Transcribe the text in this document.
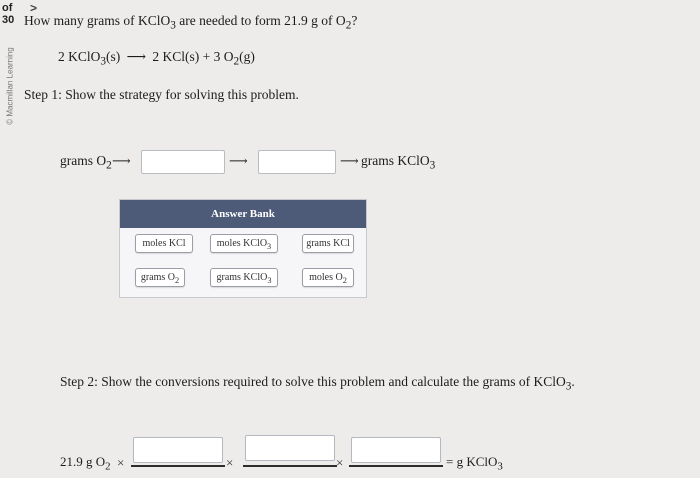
of 30
>
© Macmillan Learning
How many grams of KClO$_3$ are needed to form 21.9 g of $O_2$?
2 KClO$_3$(s) ⟶ 2 KCl(s) + 3 $O_2(g)$
Step 1: Show the strategy for solving this problem.
grams $O_2$ ⟶	⟶	⟶ grams KClO$_3$
Answer Bank
moles KCl	moles KClO$_3$	grams KCl
grams $O_2$	grams KClO$_3$	moles $O_2$
Step 2: Show the conversions required to solve this problem and calculate the grams of KClO$_3$.
21.9 g $O_2$ ×	×	×	= g KClO$_3$
